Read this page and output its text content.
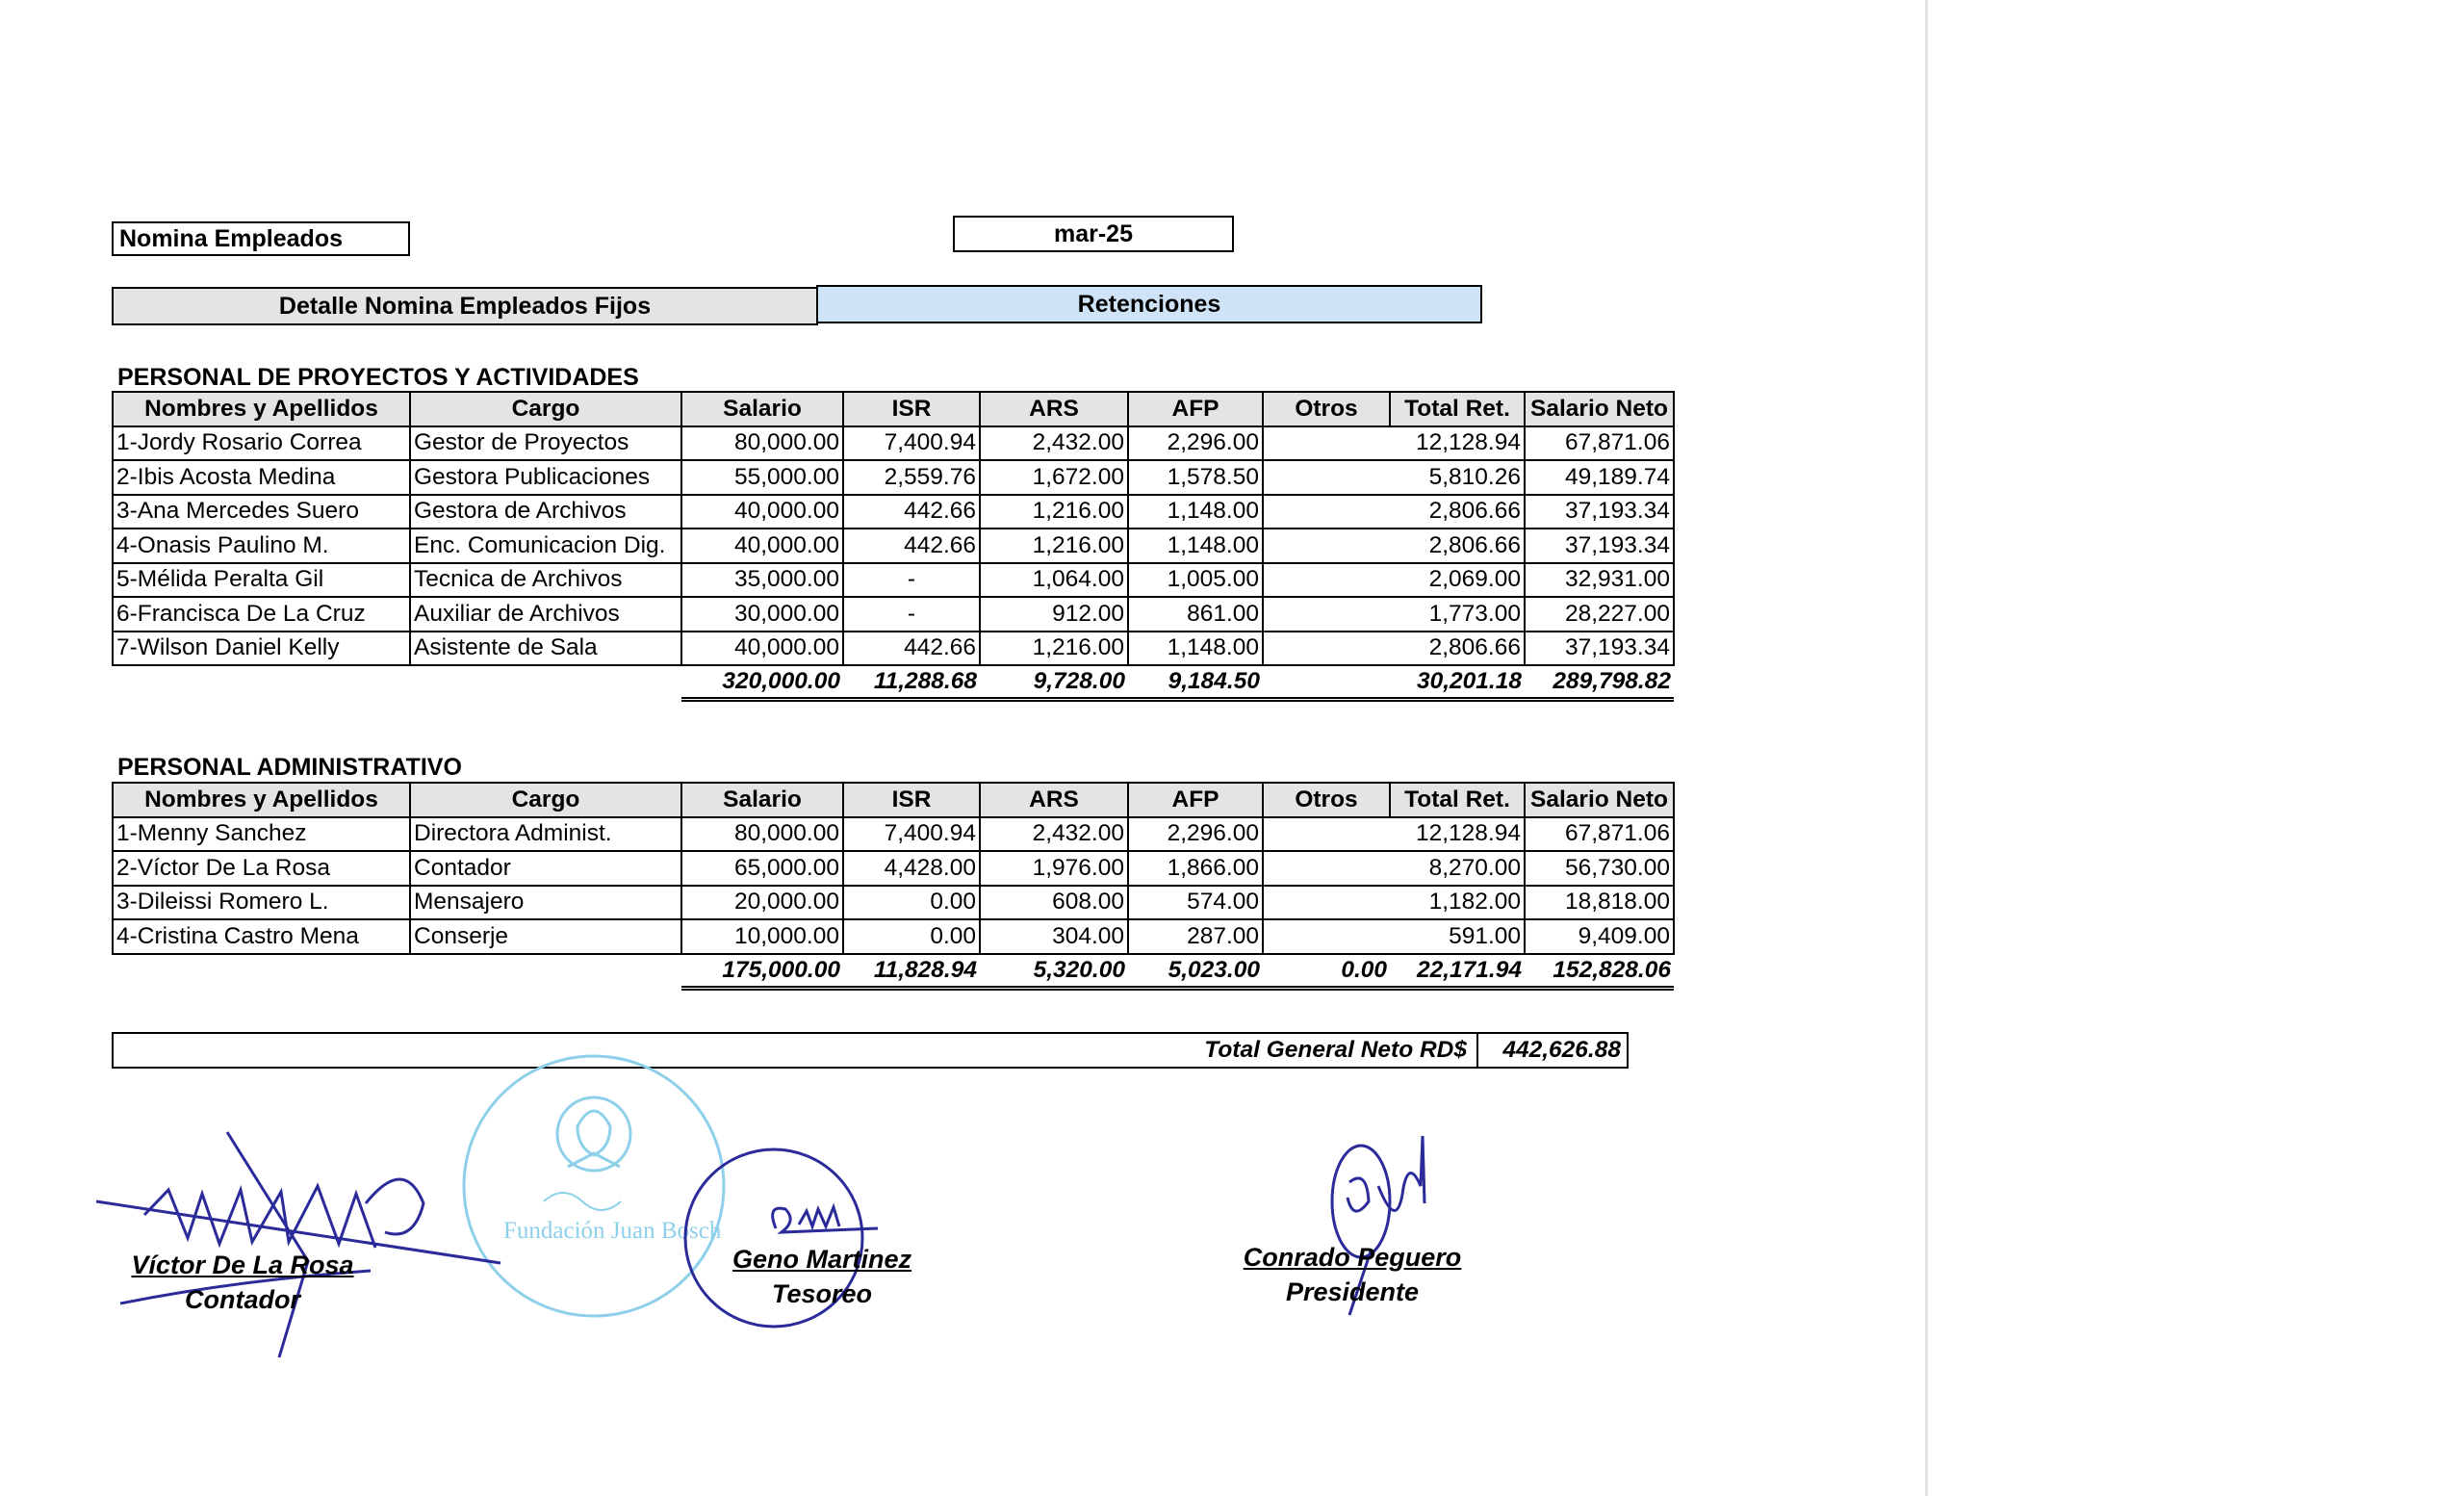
Nomina Empleados	mar-25
Detalle Nomina Empleados Fijos	Retenciones
PERSONAL DE PROYECTOS Y ACTIVIDADES
PERSONAL ADMINISTRATIVO
Nombres y Apellidos	Cargo	Salario	ISR	ARS	AFP	Otros	Total Ret.	Salario Neto
1-Jordy Rosario Correa	Gestor de Proyectos	80,000.00	7,400.94	2,432.00	2,296.00		12,128.94	67,871.06
2-Ibis Acosta Medina	Gestora Publicaciones	55,000.00	2,559.76	1,672.00	1,578.50		5,810.26	49,189.74
3-Ana Mercedes Suero	Gestora de Archivos	40,000.00	442.66	1,216.00	1,148.00		2,806.66	37,193.34
4-Onasis Paulino M.	Enc. Comunicacion Dig.	40,000.00	442.66	1,216.00	1,148.00		2,806.66	37,193.34
5-Mélida Peralta Gil	Tecnica de Archivos	35,000.00	-	1,064.00	1,005.00		2,069.00	32,931.00
6-Francisca De La Cruz	Auxiliar de Archivos	30,000.00	-	912.00	861.00		1,773.00	28,227.00
7-Wilson Daniel Kelly	Asistente de Sala	40,000.00	442.66	1,216.00	1,148.00		2,806.66	37,193.34
		320,000.00	11,288.68	9,728.00	9,184.50		30,201.18	289,798.82
Nombres y Apellidos	Cargo	Salario	ISR	ARS	AFP	Otros	Total Ret.	Salario Neto
1-Menny Sanchez	Directora Administ.	80,000.00	7,400.94	2,432.00	2,296.00		12,128.94	67,871.06
2-Víctor De La Rosa	Contador	65,000.00	4,428.00	1,976.00	1,866.00		8,270.00	56,730.00
3-Dileissi Romero L.	Mensajero	20,000.00	0.00	608.00	574.00		1,182.00	18,818.00
4-Cristina Castro Mena	Conserje	10,000.00	0.00	304.00	287.00		591.00	9,409.00
		175,000.00	11,828.94	5,320.00	5,023.00	0.00	22,171.94	152,828.06
Total General Neto RD$	442,626.88
Fundación Juan Bosch
Víctor De La Rosa
Contador
Geno Martinez
Tesoreo
Conrado Peguero
Presidente
